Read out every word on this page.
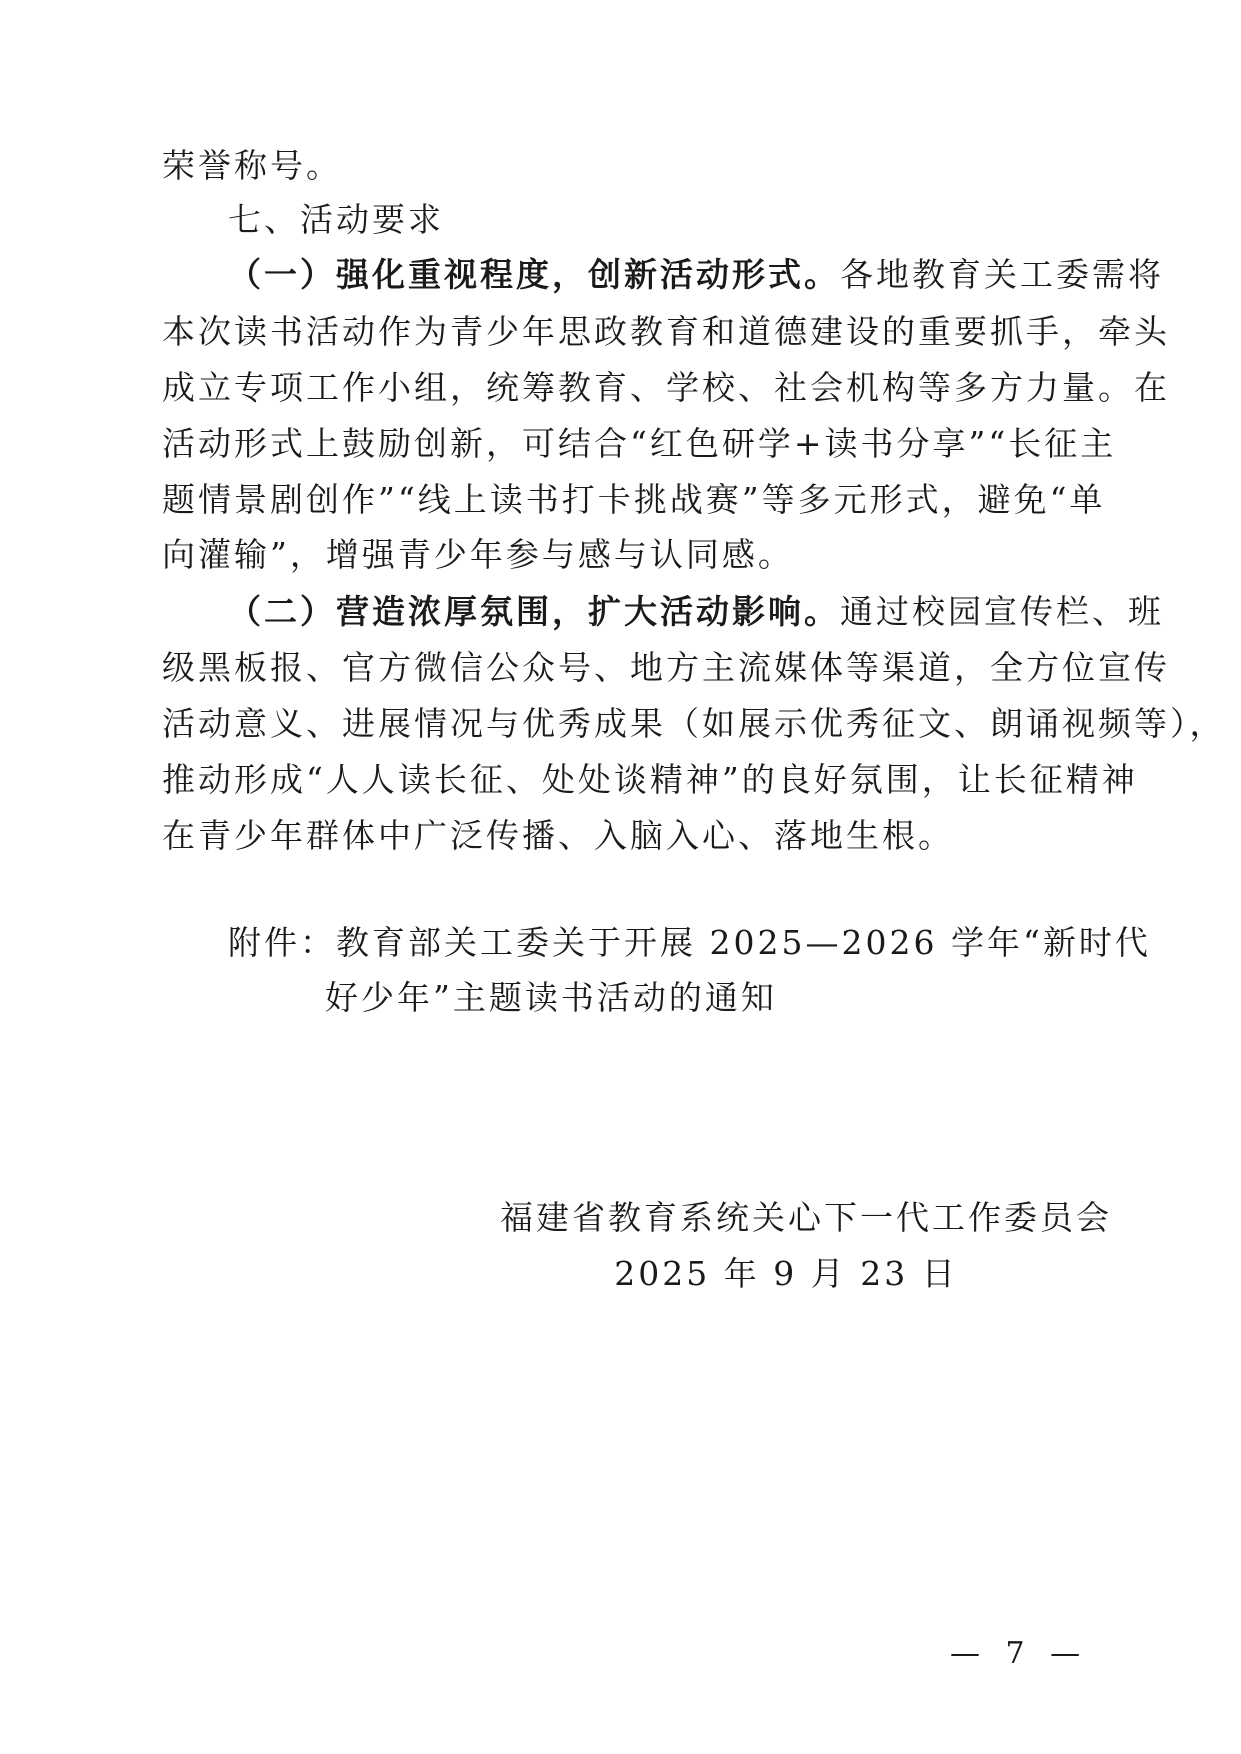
荣誉称号。
七、活动要求
（一）强化重视程度，创新活动形式。各地教育关工委需将
本次读书活动作为青少年思政教育和道德建设的重要抓手，牵头
成立专项工作小组，统筹教育、学校、社会机构等多方力量。在
活动形式上鼓励创新，可结合“红色研学+读书分享”“长征主
题情景剧创作”“线上读书打卡挑战赛”等多元形式，避免“单
向灌输”，增强青少年参与感与认同感。
（二）营造浓厚氛围，扩大活动影响。通过校园宣传栏、班
级黑板报、官方微信公众号、地方主流媒体等渠道，全方位宣传
活动意义、进展情况与优秀成果（如展示优秀征文、朗诵视频等），
推动形成“人人读长征、处处谈精神”的良好氛围，让长征精神
在青少年群体中广泛传播、入脑入心、落地生根。
附件：教育部关工委关于开展 2025—2026 学年“新时代
好少年”主题读书活动的通知
福建省教育系统关心下一代工作委员会
2025 年 9 月 23 日
— 7 —
